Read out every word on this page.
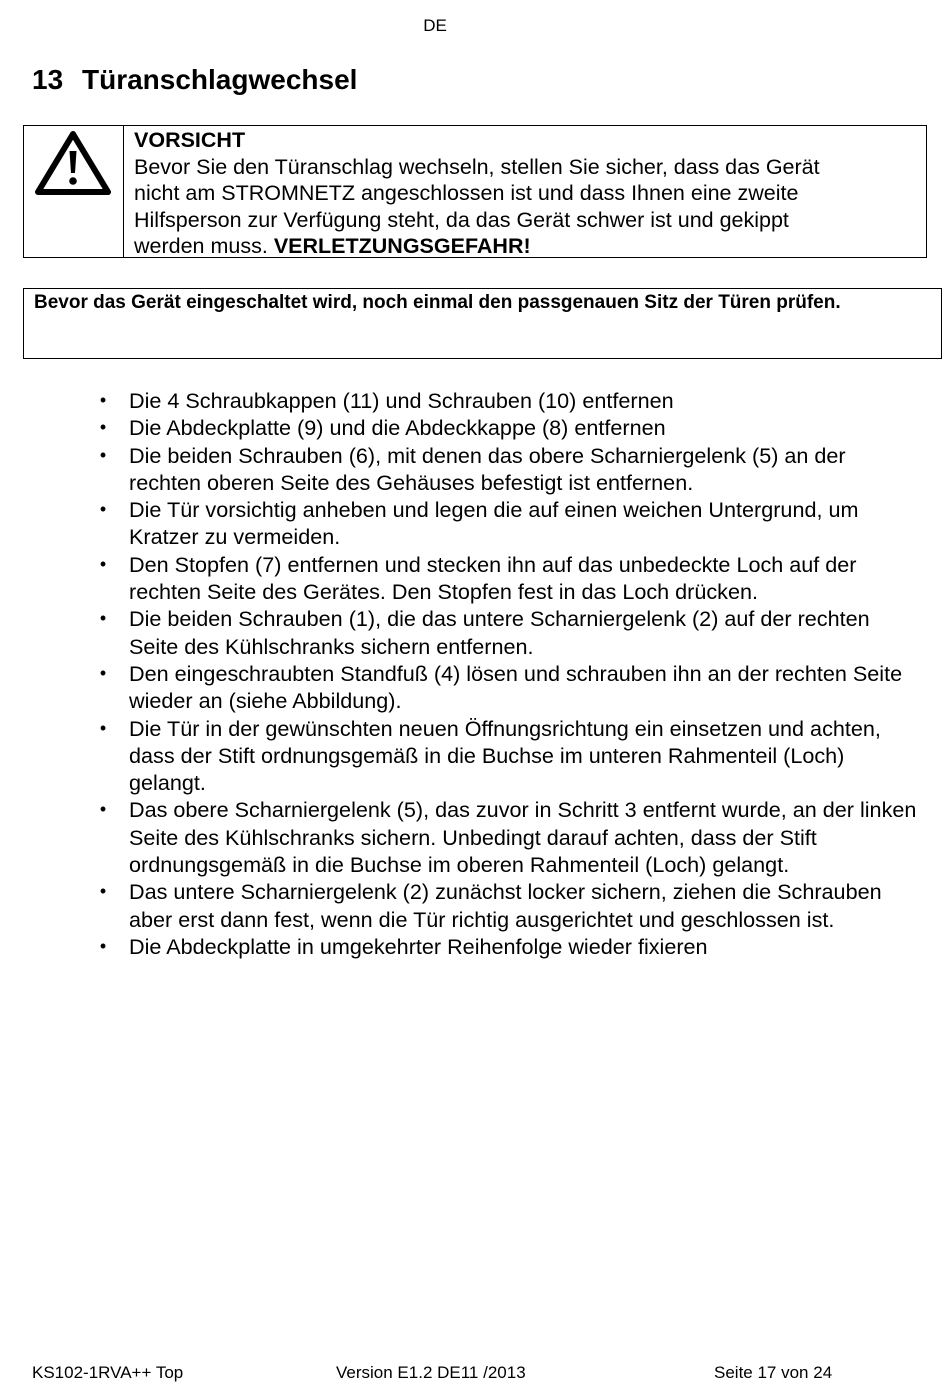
DE
13 Türanschlagwechsel
VORSICHT
Bevor Sie den Türanschlag wechseln, stellen Sie sicher, dass das Gerät
nicht am STROMNETZ angeschlossen ist und dass Ihnen eine zweite
Hilfsperson zur Verfügung steht, da das Gerät schwer ist und gekippt
werden muss. VERLETZUNGSGEFAHR!
Bevor das Gerät eingeschaltet wird, noch einmal den passgenauen Sitz der Türen prüfen.
•	Die 4 Schraubkappen (11) und Schrauben (10) entfernen
•	Die Abdeckplatte (9) und die Abdeckkappe (8) entfernen
•	Die beiden Schrauben (6), mit denen das obere Scharniergelenk (5) an der rechten oberen Seite des Gehäuses befestigt ist entfernen.
•	Die Tür vorsichtig anheben und legen die auf einen weichen Untergrund, um Kratzer zu vermeiden.
•	Den Stopfen (7) entfernen und stecken ihn auf das unbedeckte Loch auf der rechten Seite des Gerätes. Den Stopfen fest in das Loch drücken.
•	Die beiden Schrauben (1), die das untere Scharniergelenk (2) auf der rechten Seite des Kühlschranks sichern entfernen.
•	Den eingeschraubten Standfuß (4) lösen und schrauben ihn an der rechten Seite wieder an (siehe Abbildung).
•	Die Tür in der gewünschten neuen Öffnungsrichtung ein einsetzen und achten, dass der Stift ordnungsgemäß in die Buchse im unteren Rahmenteil (Loch) gelangt.
•	Das obere Scharniergelenk (5), das zuvor in Schritt 3 entfernt wurde, an der linken Seite des Kühlschranks sichern. Unbedingt darauf achten, dass der Stift ordnungsgemäß in die Buchse im oberen Rahmenteil (Loch) gelangt.
•	Das untere Scharniergelenk (2) zunächst locker sichern, ziehen die Schrauben aber erst dann fest, wenn die Tür richtig ausgerichtet und geschlossen ist.
•	Die Abdeckplatte in umgekehrter Reihenfolge wieder fixieren
KS102-1RVA++ Top	Version E1.2 DE11 /2013	Seite 17 von 24
